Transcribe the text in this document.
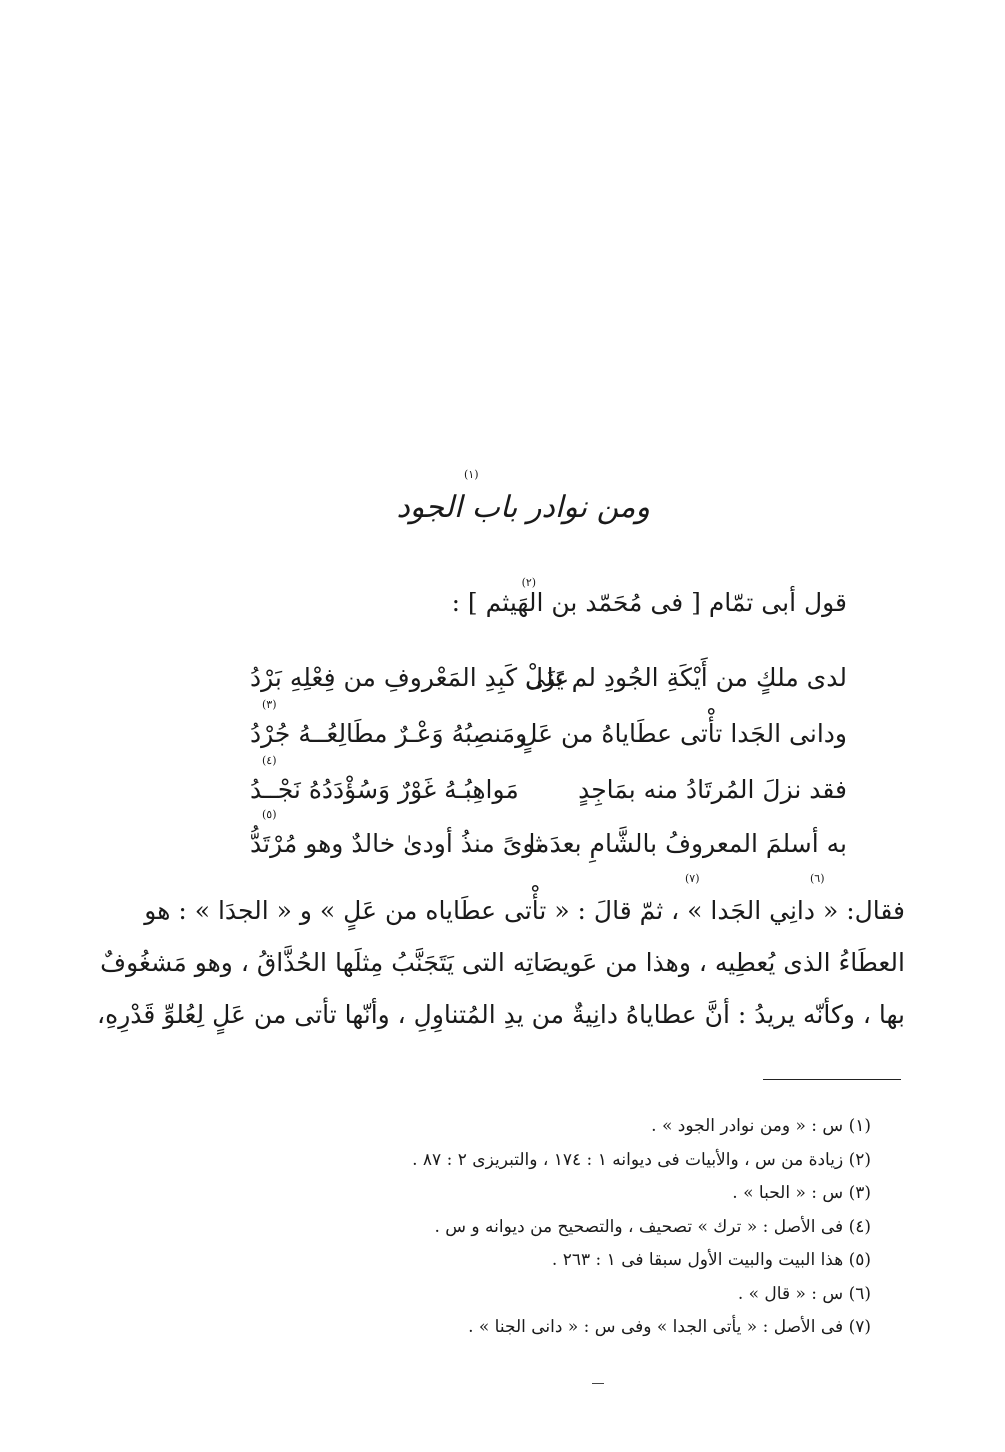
(١)
ومن نوادر باب الجود
قول أبى تمّام [ فى مُحَمّد بن الهَيثم ] :
(٢)
لدى ملكٍ من أَيْكَةِ الجُودِ لم يَزَلْ
على كَبِدِ المَعْروفِ من فِعْلِهِ بَرْدُ
ودانى الجَدا تأْتى عطَاياهُ من عَلٍ
ومَنصِبُهُ وَعْـرٌ مطَالِعُــهُ جُرْدُ
(٣)
فقد نزلَ المُرتَادُ منه بمَاجِدٍ
مَواهِبُـهُ غَوْرٌ وَسُؤْدَدُهُ نَجْــدُ
(٤)
به أسلمَ المعروفُ بالشَّامِ بعدَما
ثوىً منذُ أودىٰ خالدٌ وهو مُرْتَدُّ
(٥)
(٦)
(٧)
فقال: « دانِي الجَدا » ، ثمّ قالَ : « تأْتى عطَاياه من عَلٍ » و « الجدَا » : هو
العطَاءُ الذى يُعطِيه ، وهذا من عَويصَاتِه التى يَتَجَنَّبُ مِثلَها الحُذَّاقُ ، وهو مَشغُوفٌ
بها ، وكأنّه يريدُ : أنَّ عطاياهُ دانِيةٌ من يدِ المُتناوِلِ ، وأنّها تأتى من عَلٍ لِعُلوِّ قَدْرِهِ،
(١) س : « ومن نوادر الجود » .
(٢) زيادة من س ، والأبيات فى ديوانه ١ : ١٧٤ ، والتبريزى ٢ : ٨٧ .
(٣) س : « الحبا » .
(٤) فى الأصل : « ترك » تصحيف ، والتصحيح من ديوانه و س .
(٥) هذا البيت والبيت الأول سبقا فى ١ : ٢٦٣ .
(٦) س : « قال » .
(٧) فى الأصل : « يأتى الجدا » وفى س : « دانى الجنا » .
